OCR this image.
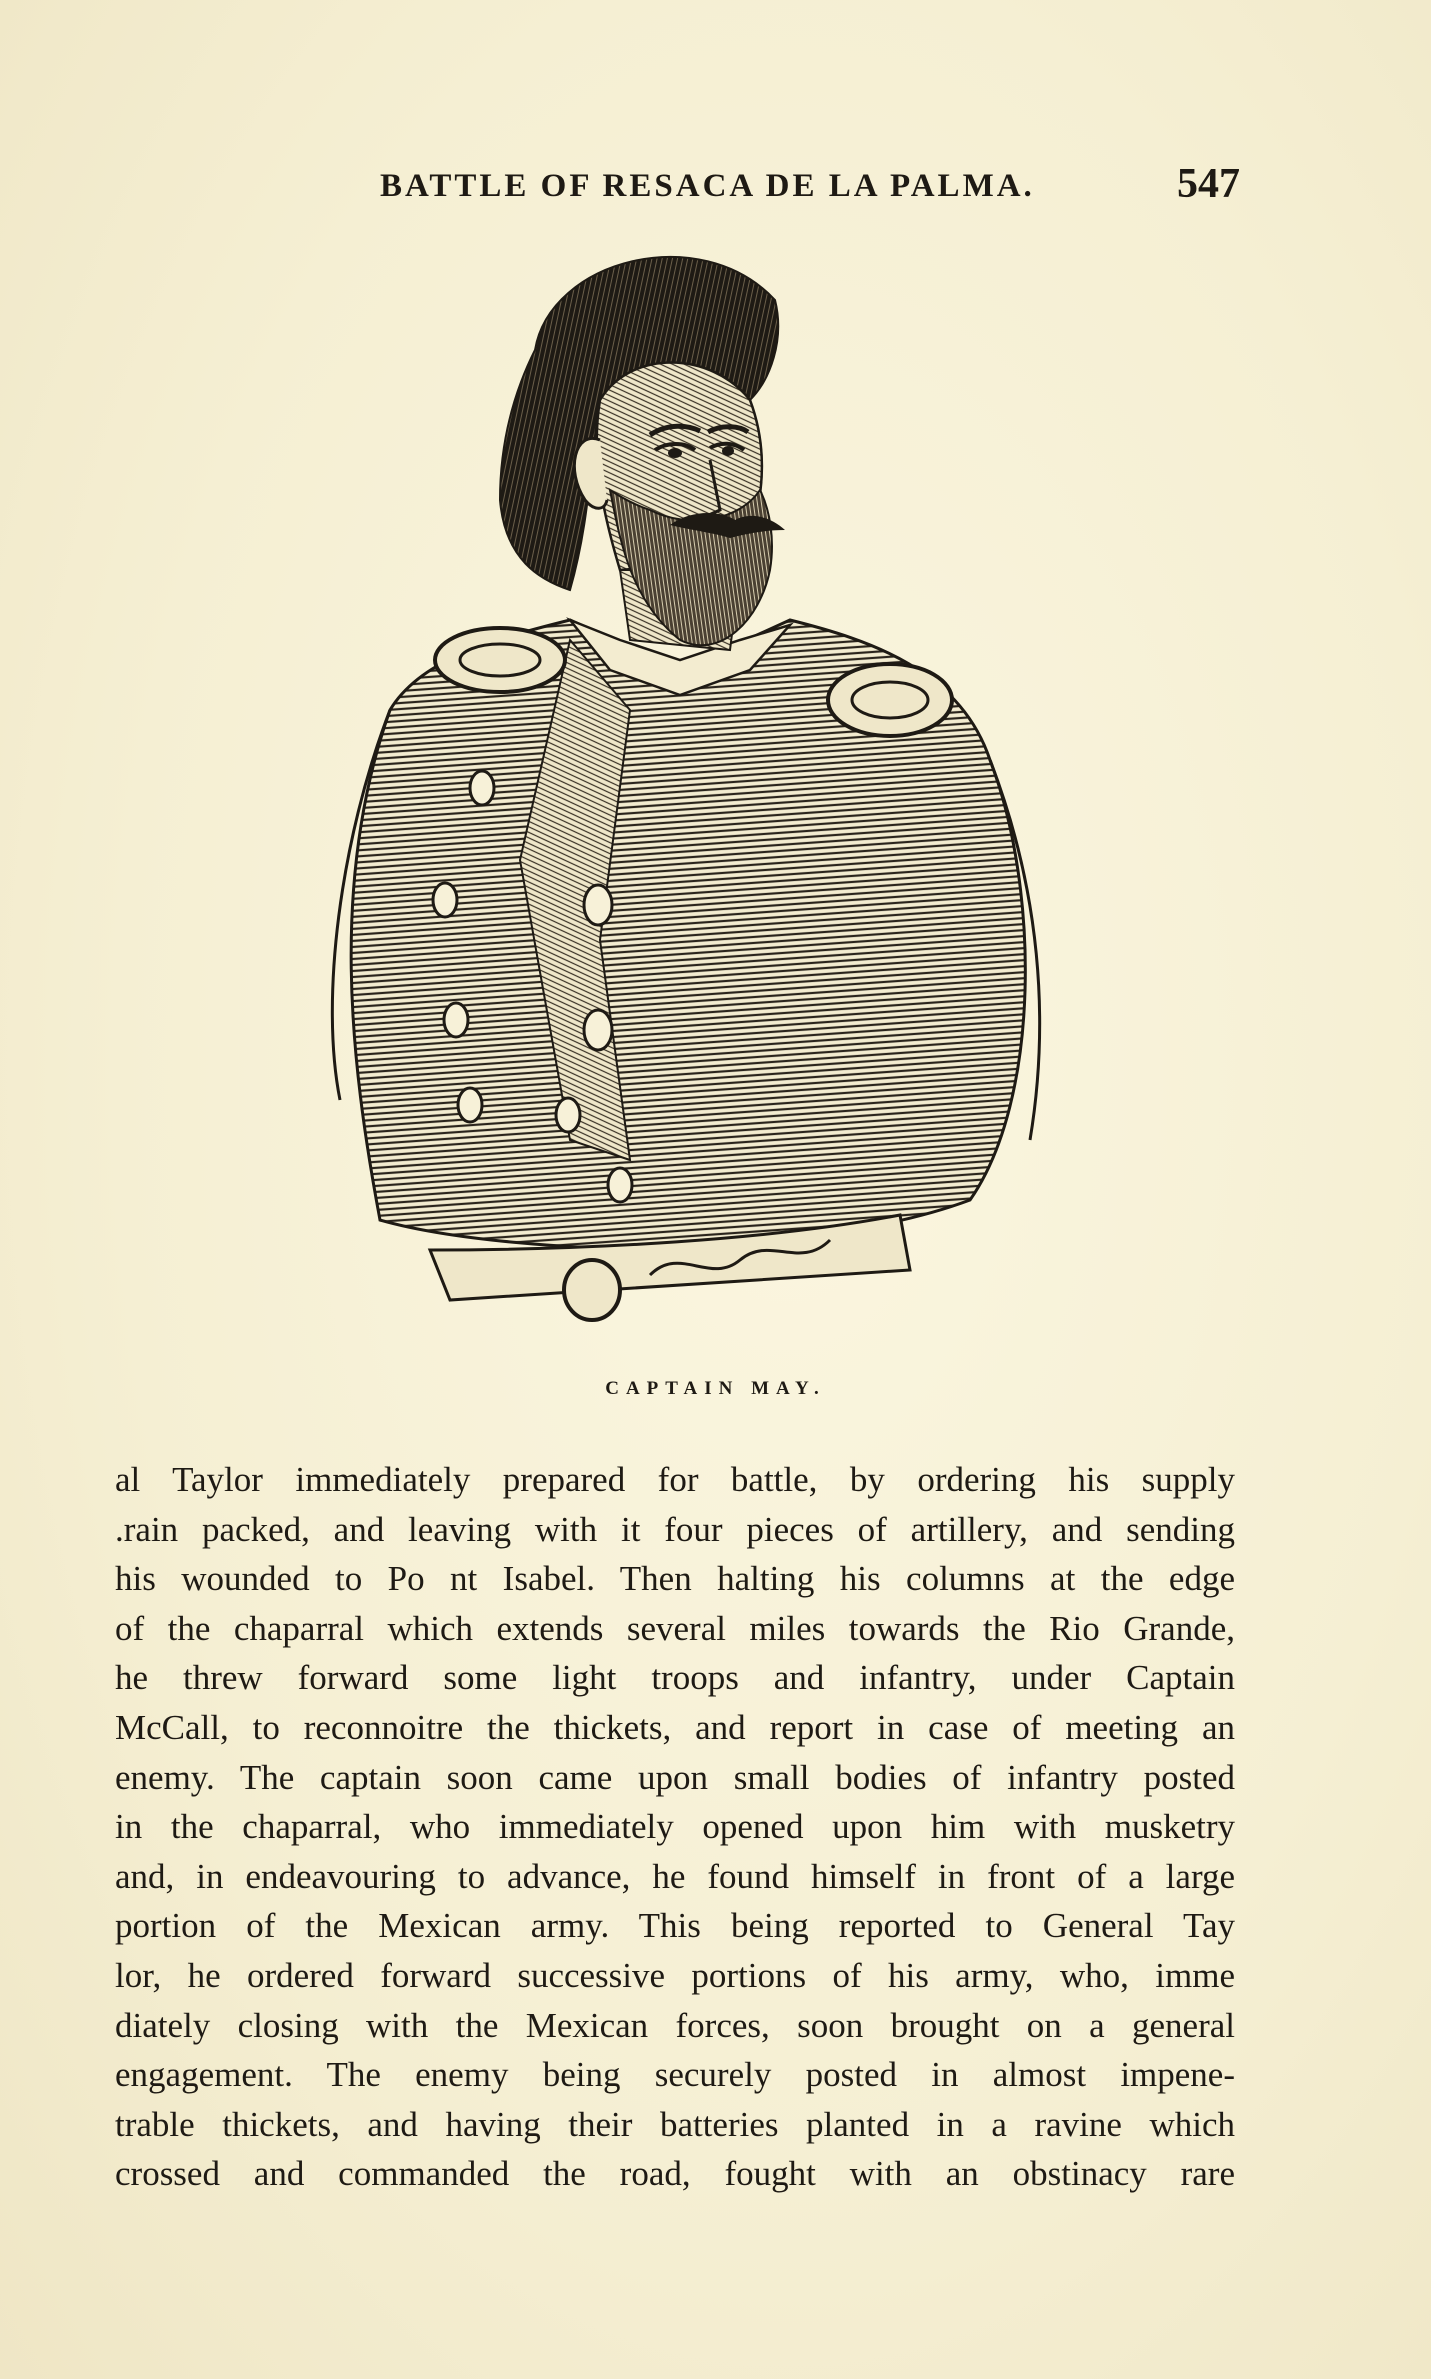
BATTLE OF RESACA DE LA PALMA.	547
CAPTAIN MAY.
al Taylor immediately prepared for battle, by ordering his supply
.rain packed, and leaving with it four pieces of artillery, and sending
his wounded to Po nt Isabel. Then halting his columns at the edge
of the chaparral which extends several miles towards the Rio Grande,
he threw forward some light troops and infantry, under Captain
McCall, to reconnoitre the thickets, and report in case of meeting an
enemy. The captain soon came upon small bodies of infantry posted
in the chaparral, who immediately opened upon him with musketry
and, in endeavouring to advance, he found himself in front of a large
portion of the Mexican army. This being reported to General Tay
lor, he ordered forward successive portions of his army, who, imme
diately closing with the Mexican forces, soon brought on a general
engagement. The enemy being securely posted in almost impene-
trable thickets, and having their batteries planted in a ravine which
crossed and commanded the road, fought with an obstinacy rare
